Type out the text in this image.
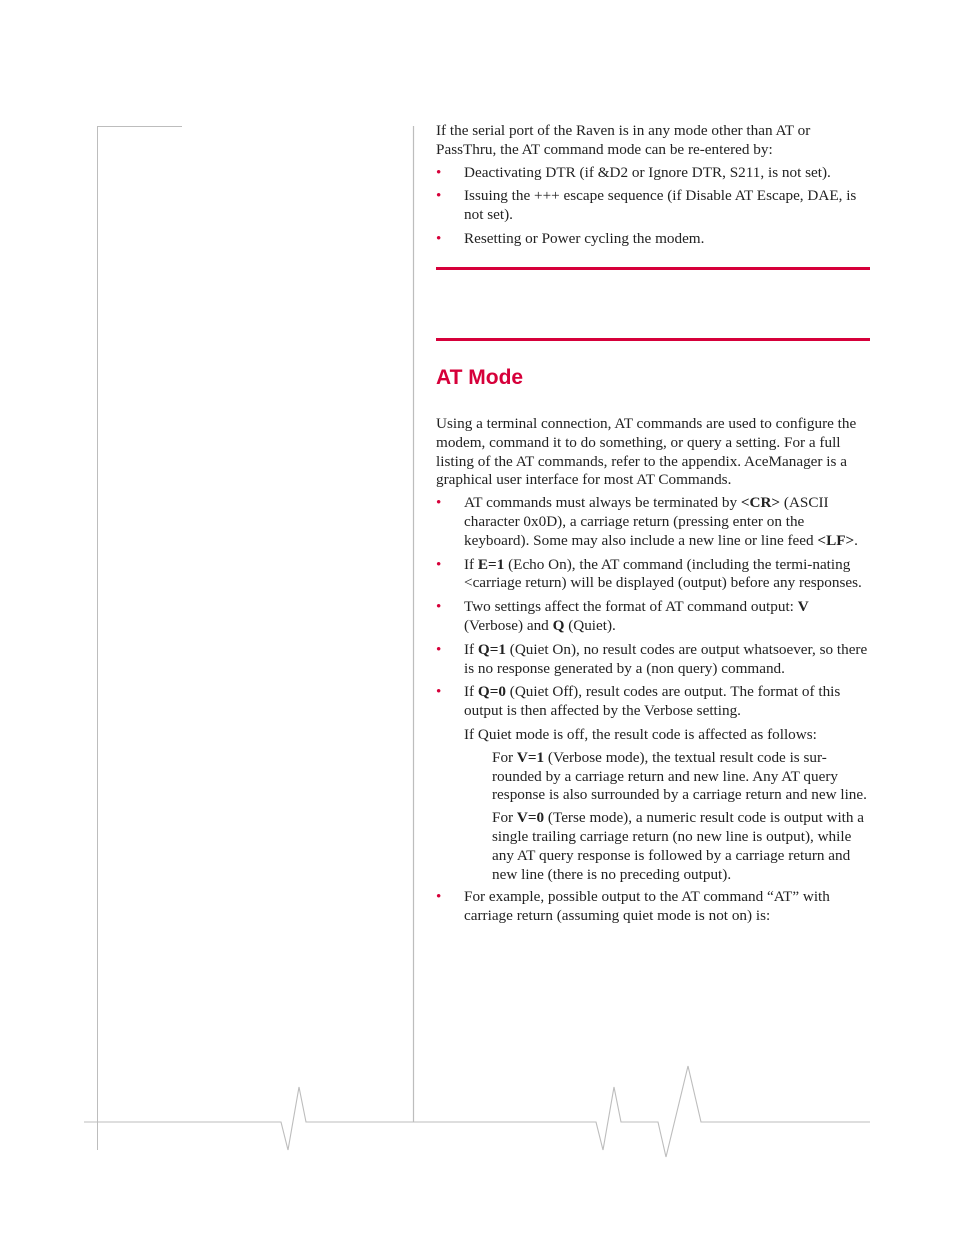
If the serial port of the Raven is in any mode other than AT or PassThru, the AT command mode can be re-entered by:

• Deactivating DTR (if &D2 or Ignore DTR, S211, is not set).
• Issuing the +++ escape sequence (if Disable AT Escape, DAE, is not set).
• Resetting or Power cycling the modem.
AT Mode

Using a terminal connection, AT commands are used to configure the modem, command it to do something, or query a setting. For a full listing of the AT commands, refer to the appendix. AceManager is a graphical user interface for most AT Commands.

• AT commands must always be terminated by <CR> (ASCII character 0x0D), a carriage return (pressing enter on the keyboard). Some may also include a new line or line feed <LF>.
• If E=1 (Echo On), the AT command (including the termi-nating <carriage return) will be displayed (output) before any responses.
• Two settings affect the format of AT command output: V (Verbose) and Q (Quiet).
• If Q=1 (Quiet On), no result codes are output whatsoever, so there is no response generated by a (non query) command.
• If Q=0 (Quiet Off), result codes are output. The format of this output is then affected by the Verbose setting.

If Quiet mode is off, the result code is affected as follows:

For V=1 (Verbose mode), the textual result code is sur-rounded by a carriage return and new line. Any AT query response is also surrounded by a carriage return and new line.

For V=0 (Terse mode), a numeric result code is output with a single trailing carriage return (no new line is output), while any AT query response is followed by a carriage return and new line (there is no preceding output).

• For example, possible output to the AT command “AT” with carriage return (assuming quiet mode is not on) is:
